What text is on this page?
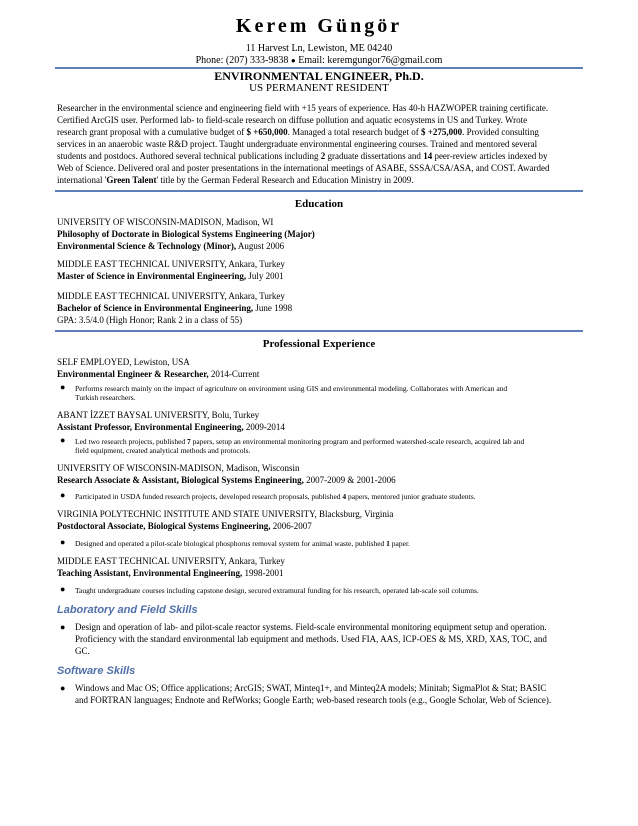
Kerem Güngör
11 Harvest Ln, Lewiston, ME 04240
Phone: (207) 333-9838 ● Email: keremgungor76@gmail.com
ENVIRONMENTAL ENGINEER, Ph.D.
US PERMANENT RESIDENT
Researcher in the environmental science and engineering field with +15 years of experience. Has 40-h HAZWOPER training certificate.
Certified ArcGIS user. Performed lab- to field-scale research on diffuse pollution and aquatic ecosystems in US and Turkey. Wrote
research grant proposal with a cumulative budget of $ +650,000. Managed a total research budget of $ +275,000. Provided consulting
services in an anaerobic waste R&D project. Taught undergraduate environmental engineering courses. Trained and mentored several
students and postdocs. Authored several technical publications including 2 graduate dissertations and 14 peer-review articles indexed by
Web of Science. Delivered oral and poster presentations in the international meetings of ASABE, SSSA/CSA/ASA, and COST. Awarded
international 'Green Talent' title by the German Federal Research and Education Ministry in 2009.
Education
UNIVERSITY OF WISCONSIN-MADISON, Madison, WI
Philosophy of Doctorate in Biological Systems Engineering (Major)
Environmental Science & Technology (Minor), August 2006
MIDDLE EAST TECHNICAL UNIVERSITY, Ankara, Turkey
Master of Science in Environmental Engineering, July 2001
MIDDLE EAST TECHNICAL UNIVERSITY, Ankara, Turkey
Bachelor of Science in Environmental Engineering, June 1998
GPA: 3.5/4.0 (High Honor; Rank 2 in a class of 55)
Professional Experience
SELF EMPLOYED, Lewiston, USA
Environmental Engineer & Researcher, 2014-Current
● Performs research mainly on the impact of agriculture on environment using GIS and environmental modeling. Collaborates with American and
Turkish researchers.
ABANT İZZET BAYSAL UNIVERSITY, Bolu, Turkey
Assistant Professor, Environmental Engineering, 2009-2014
● Led two research projects, published 7 papers, setup an environmental monitoring program and performed watershed-scale research, acquired lab and
field equipment, created analytical methods and protocols.
UNIVERSITY OF WISCONSIN-MADISON, Madison, Wisconsin
Research Associate & Assistant, Biological Systems Engineering, 2007-2009 & 2001-2006
● Participated in USDA funded research projects, developed research proposals, published 4 papers, mentored junior graduate students.
VIRGINIA POLYTECHNIC INSTITUTE AND STATE UNIVERSITY, Blacksburg, Virginia
Postdoctoral Associate, Biological Systems Engineering, 2006-2007
● Designed and operated a pilot-scale biological phosphorus removal system for animal waste, published 1 paper.
MIDDLE EAST TECHNICAL UNIVERSITY, Ankara, Turkey
Teaching Assistant, Environmental Engineering, 1998-2001
● Taught undergraduate courses including capstone design, secured extramural funding for his research, operated lab-scale soil columns.
Laboratory and Field Skills
● Design and operation of lab- and pilot-scale reactor systems. Field-scale environmental monitoring equipment setup and operation.
Proficiency with the standard environmental lab equipment and methods. Used FIA, AAS, ICP-OES & MS, XRD, XAS, TOC, and
GC.
Software Skills
● Windows and Mac OS; Office applications; ArcGIS; SWAT, Minteq1+, and Minteq2A models; Minitab; SigmaPlot & Stat; BASIC
and FORTRAN languages; Endnote and RefWorks; Google Earth; web-based research tools (e.g., Google Scholar, Web of Science).
